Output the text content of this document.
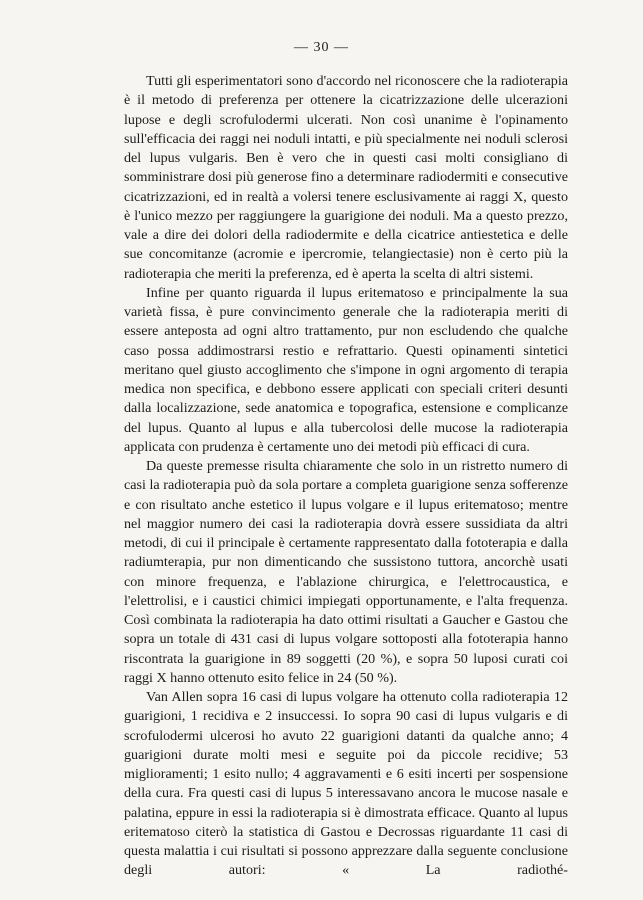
— 30 —

Tutti gli esperimentatori sono d'accordo nel riconoscere che la radioterapia è il metodo di preferenza per ottenere la cicatrizzazione delle ulcerazioni lupose e degli scrofulodermi ulcerati. Non così unanime è l'opinamento sull'efficacia dei raggi nei noduli intatti, e più specialmente nei noduli sclerosi del lupus vulgaris. Ben è vero che in questi casi molti consigliano di somministrare dosi più generose fino a determinare radiodermiti e consecutive cicatrizzazioni, ed in realtà a volersi tenere esclusivamente ai raggi X, questo è l'unico mezzo per raggiungere la guarigione dei noduli. Ma a questo prezzo, vale a dire dei dolori della radiodermite e della cicatrice antiestetica e delle sue concomitanze (acromie e ipercromie, telangiectasie) non è certo più la radioterapia che meriti la preferenza, ed è aperta la scelta di altri sistemi.

Infine per quanto riguarda il lupus eritematoso e principalmente la sua varietà fissa, è pure convincimento generale che la radioterapia meriti di essere anteposta ad ogni altro trattamento, pur non escludendo che qualche caso possa addimostrarsi restio e refrattario. Questi opinamenti sintetici meritano quel giusto accoglimento che s'impone in ogni argomento di terapia medica non specifica, e debbono essere applicati con speciali criteri desunti dalla localizzazione, sede anatomica e topografica, estensione e complicanze del lupus. Quanto al lupus e alla tubercolosi delle mucose la radioterapia applicata con prudenza è certamente uno dei metodi più efficaci di cura.

Da queste premesse risulta chiaramente che solo in un ristretto numero di casi la radioterapia può da sola portare a completa guarigione senza sofferenze e con risultato anche estetico il lupus volgare e il lupus eritematoso; mentre nel maggior numero dei casi la radioterapia dovrà essere sussidiata da altri metodi, di cui il principale è certamente rappresentato dalla fototerapia e dalla radiumterapia, pur non dimenticando che sussistono tuttora, ancorchè usati con minore frequenza, e l'ablazione chirurgica, e l'elettrocaustica, e l'elettrolisi, e i caustici chimici impiegati opportunamente, e l'alta frequenza. Così combinata la radioterapia ha dato ottimi risultati a Gaucher e Gastou che sopra un totale di 431 casi di lupus volgare sottoposti alla fototerapia hanno riscontrata la guarigione in 89 soggetti (20 %), e sopra 50 luposi curati coi raggi X hanno ottenuto esito felice in 24 (50 %).

Van Allen sopra 16 casi di lupus volgare ha ottenuto colla radioterapia 12 guarigioni, 1 recidiva e 2 insuccessi. Io sopra 90 casi di lupus vulgaris e di scrofulodermi ulcerosi ho avuto 22 guarigioni datanti da qualche anno; 4 guarigioni durate molti mesi e seguite poi da piccole recidive; 53 miglioramenti; 1 esito nullo; 4 aggravamenti e 6 esiti incerti per sospensione della cura. Fra questi casi di lupus 5 interessavano ancora le mucose nasale e palatina, eppure in essi la radioterapia si è dimostrata efficace. Quanto al lupus eritematoso citerò la statistica di Gastou e Decrossas riguardante 11 casi di questa malattia i cui risultati si possono apprezzare dalla seguente conclusione degli autori: « La radiothé-
